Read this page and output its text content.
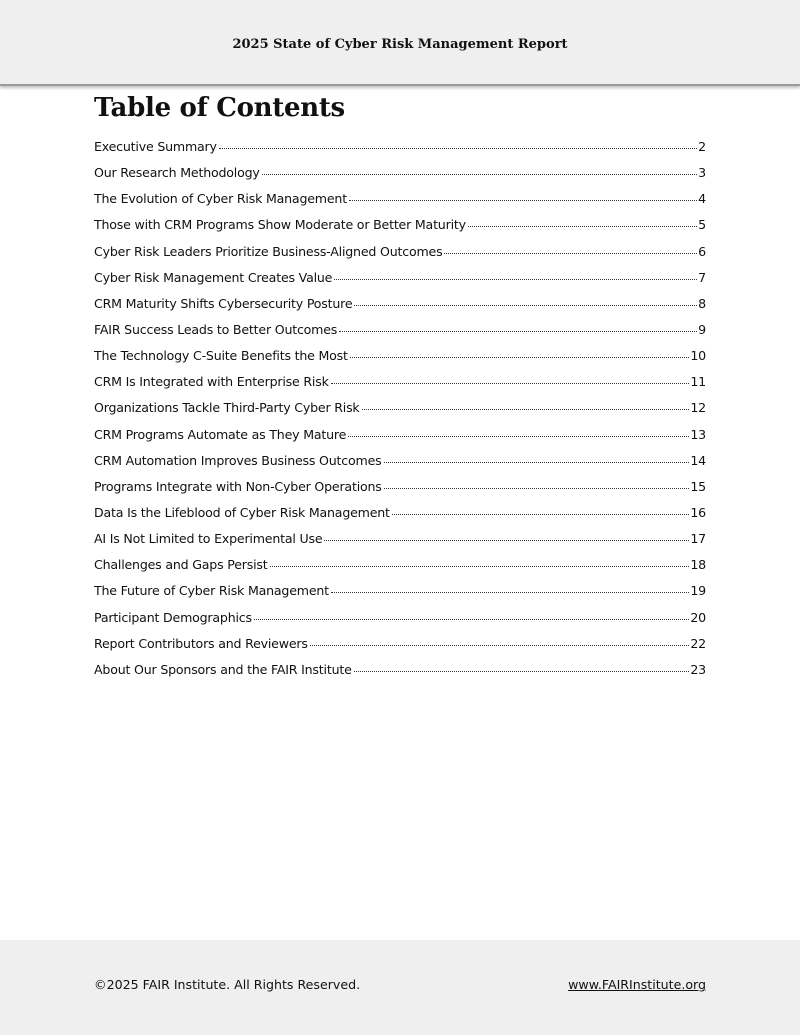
2025 State of Cyber Risk Management Report
Table of Contents
Executive Summary	2
Our Research Methodology	3
The Evolution of Cyber Risk Management	4
Those with CRM Programs Show Moderate or Better Maturity	5
Cyber Risk Leaders Prioritize Business-Aligned Outcomes	6
Cyber Risk Management Creates Value	7
CRM Maturity Shifts Cybersecurity Posture	8
FAIR Success Leads to Better Outcomes	9
The Technology C-Suite Benefits the Most	10
CRM Is Integrated with Enterprise Risk	11
Organizations Tackle Third-Party Cyber Risk	12
CRM Programs Automate as They Mature	13
CRM Automation Improves Business Outcomes	14
Programs Integrate with Non-Cyber Operations	15
Data Is the Lifeblood of Cyber Risk Management	16
AI Is Not Limited to Experimental Use	17
Challenges and Gaps Persist	18
The Future of Cyber Risk Management	19
Participant Demographics	20
Report Contributors and Reviewers	22
About Our Sponsors and the FAIR Institute	23
©2025 FAIR Institute. All Rights Reserved.	www.FAIRInstitute.org
